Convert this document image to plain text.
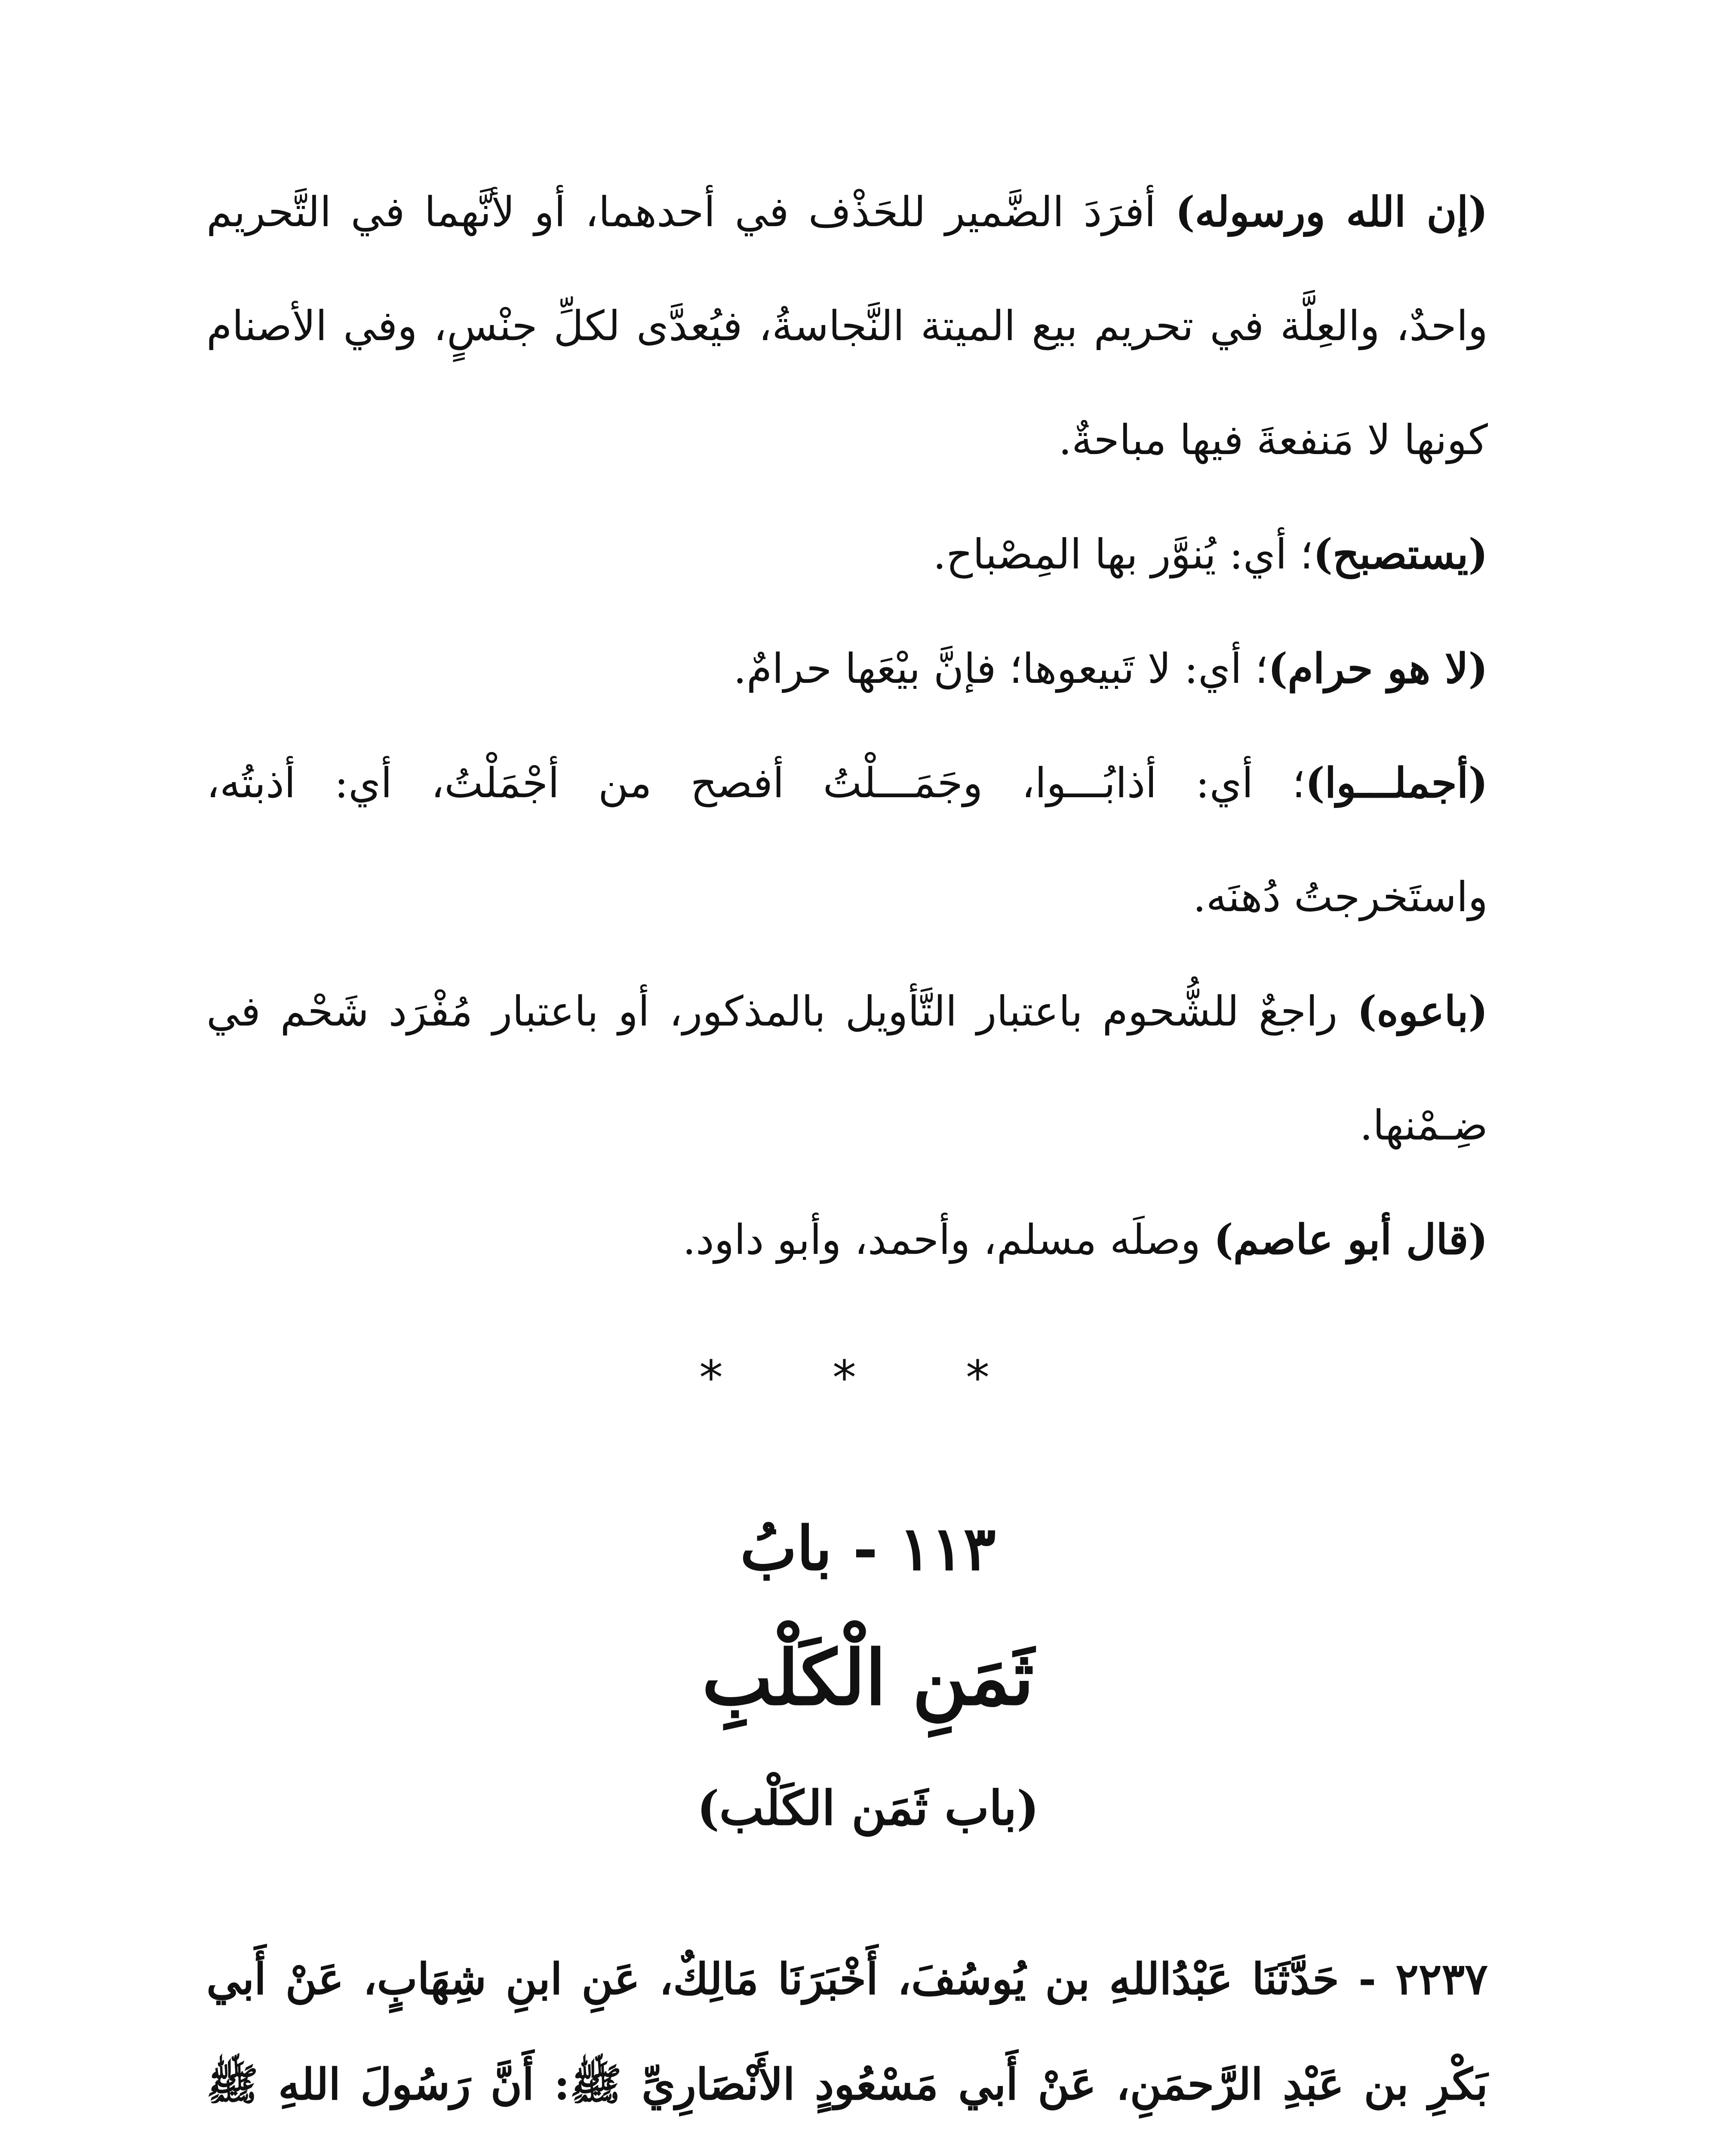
(إن الله ورسوله) أفرَدَ الضَّمير للحَذْف في أحدهما، أو لأنَّهما في التَّحريم واحدٌ، والعِلَّة في تحريم بيع الميتة النَّجاسةُ، فيُعدَّى لكلِّ جنْسٍ، وفي الأصنام كونها لا مَنفعةَ فيها مباحةٌ.

(يستصبح)؛ أي: يُنوَّر بها المِصْباح.

(لا هو حرام)؛ أي: لا تَبيعوها؛ فإنَّ بيْعَها حرامٌ.

(أجملـــوا)؛ أي: أذابُـــوا، وجَمَـــلْتُ أفصح من أجْمَلْتُ، أي: أذبتُه، واستَخرجتُ دُهنَه.

(باعوه) راجعٌ للشُّحوم باعتبار التَّأويل بالمذكور، أو باعتبار مُفْرَد شَحْم في ضِـمْنها.

(قال أبو عاصم) وصلَه مسلم، وأحمد، وأبو داود.

* * *
١١٣ - بابُ
ثَمَنِ الْكَلْبِ
(باب ثَمَن الكَلْب)

٢٢٣٧ - حَدَّثَنَا عَبْدُاللهِ بن يُوسُفَ، أَخْبَرَنَا مَالِكٌ، عَنِ ابنِ شِهَابٍ، عَنْ أَبي بَكْرِ بن عَبْدِ الرَّحمَنِ، عَنْ أَبي مَسْعُودٍ الأَنْصَارِيِّ ﷺ: أَنَّ رَسُولَ اللهِ ﷺ
